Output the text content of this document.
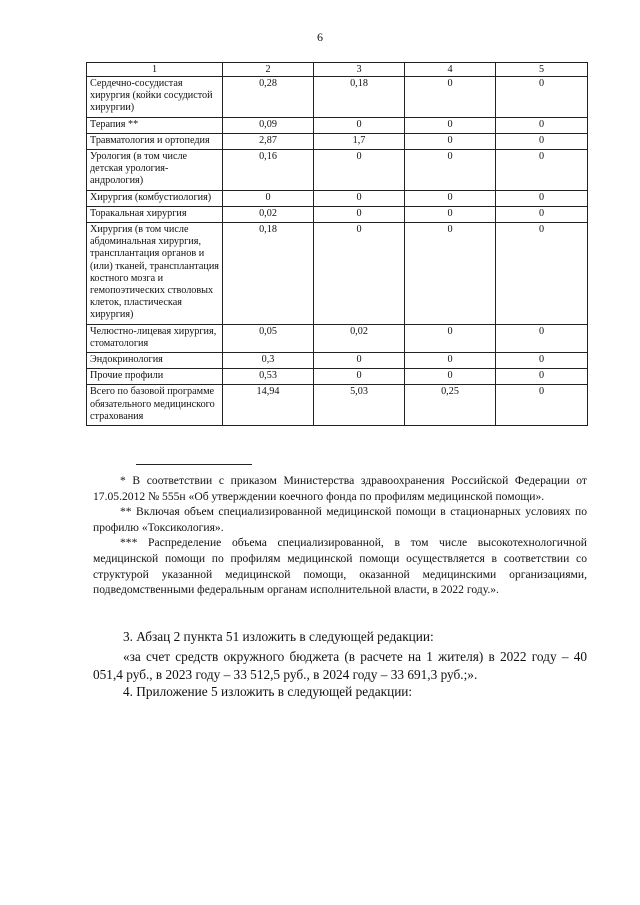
6
1	2	3	4	5
Сердечно-сосудистая хирургия (койки сосудистой хирургии)	0,28	0,18	0	0
Терапия **	0,09	0	0	0
Травматология и ортопедия	2,87	1,7	0	0
Урология (в том числе детская урология-андрология)	0,16	0	0	0
Хирургия (комбустиология)	0	0	0	0
Торакальная хирургия	0,02	0	0	0
Хирургия (в том числе абдоминальная хирургия, трансплантация органов и (или) тканей, трансплантация костного мозга и гемопоэтических стволовых клеток, пластическая хирургия)	0,18	0	0	0
Челюстно-лицевая хирургия, стоматология	0,05	0,02	0	0
Эндокринология	0,3	0	0	0
Прочие профили	0,53	0	0	0
Всего по базовой программе обязательного медицинского страхования	14,94	5,03	0,25	0

* В соответствии с приказом Министерства здравоохранения Российской Федерации от 17.05.2012 № 555н «Об утверждении коечного фонда по профилям медицинской помощи».

** Включая объем специализированной медицинской помощи в стационарных условиях по профилю «Токсикология».

*** Распределение объема специализированной, в том числе высокотехнологичной медицинской помощи по профилям медицинской помощи осуществляется в соответствии со структурой указанной медицинской помощи, оказанной медицинскими организациями, подведомственными федеральным органам исполнительной власти, в 2022 году.».

3. Абзац 2 пункта 51 изложить в следующей редакции:

«за счет средств окружного бюджета (в расчете на 1 жителя) в 2022 году – 40 051,4 руб., в 2023 году – 33 512,5 руб., в 2024 году – 33 691,3 руб.;».

4. Приложение 5 изложить в следующей редакции:
